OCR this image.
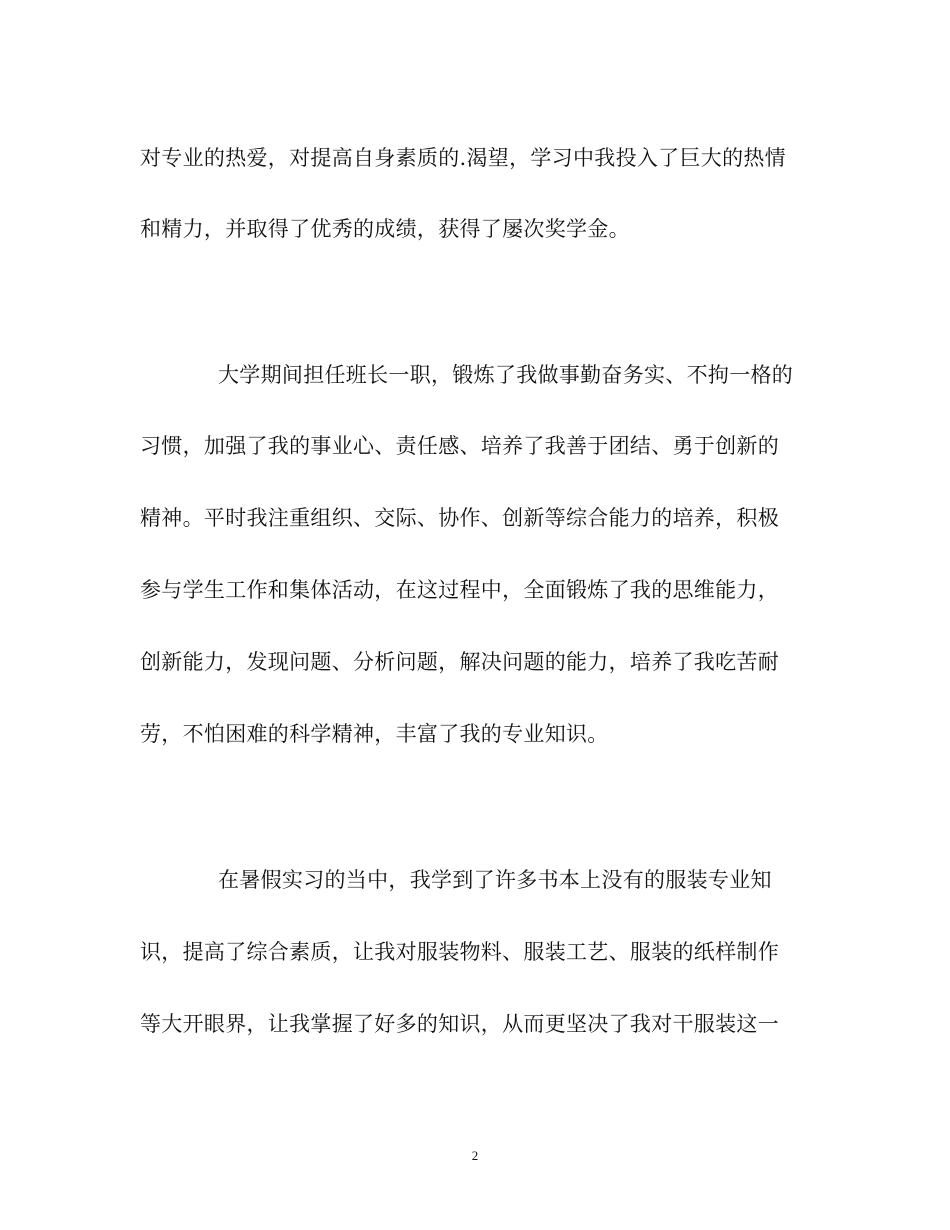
对专业的热爱，对提高自身素质的.渴望，学习中我投入了巨大的热情
和精力，并取得了优秀的成绩，获得了屡次奖学金。
大学期间担任班长一职，锻炼了我做事勤奋务实、不拘一格的
习惯，加强了我的事业心、责任感、培养了我善于团结、勇于创新的
精神。平时我注重组织、交际、协作、创新等综合能力的培养，积极
参与学生工作和集体活动，在这过程中，全面锻炼了我的思维能力，
创新能力，发现问题、分析问题，解决问题的能力，培养了我吃苦耐
劳，不怕困难的科学精神，丰富了我的专业知识。
在暑假实习的当中，我学到了许多书本上没有的服装专业知
识，提高了综合素质，让我对服装物料、服装工艺、服装的纸样制作
等大开眼界，让我掌握了好多的知识，从而更坚决了我对干服装这一
2
